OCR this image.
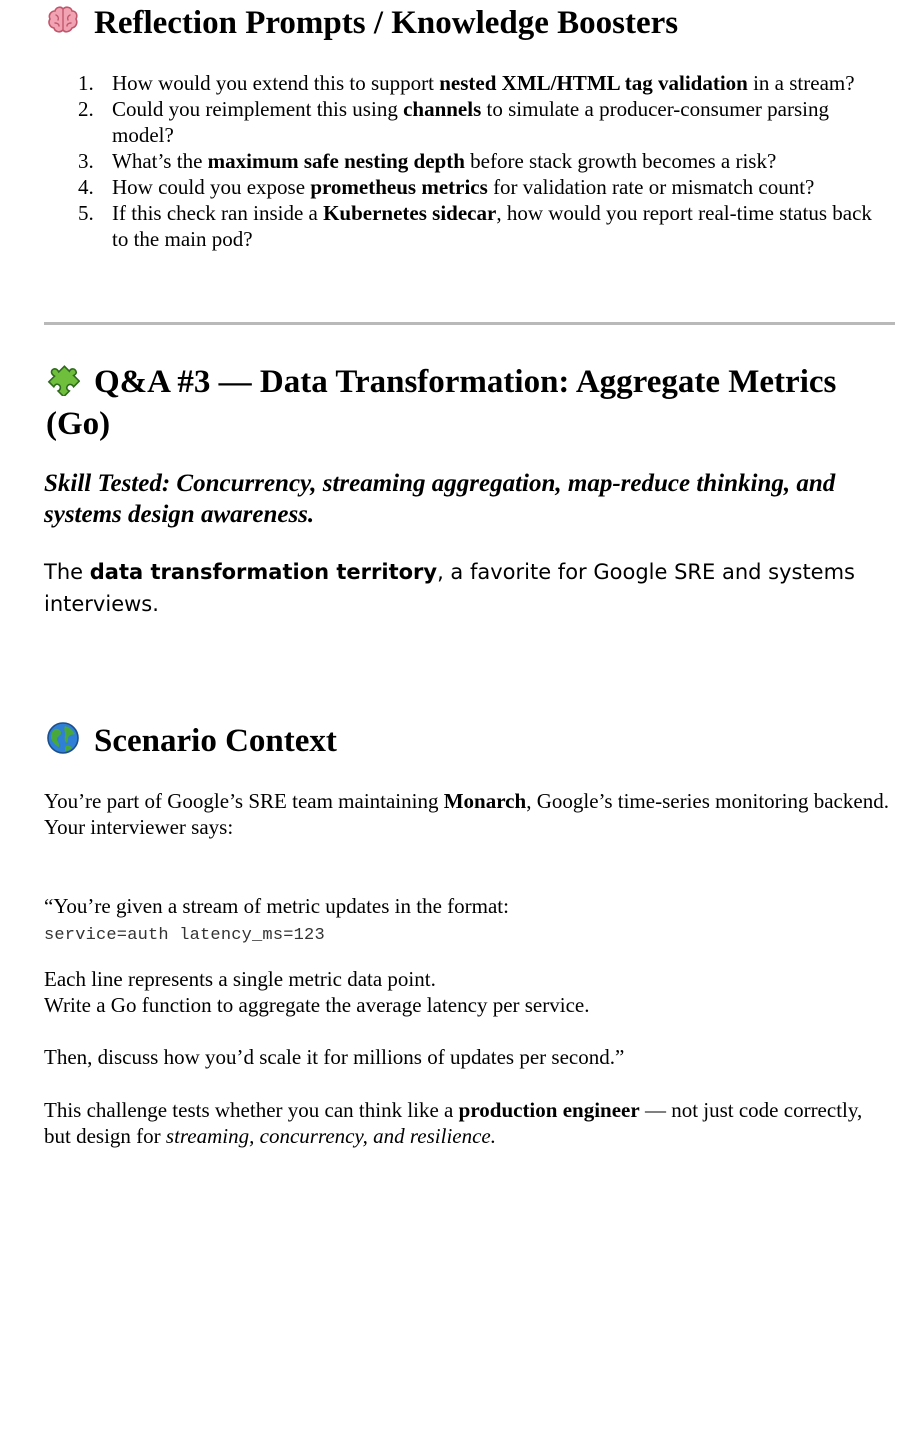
Reflection Prompts / Knowledge Boosters
1. How would you extend this to support nested XML/HTML tag validation in a stream?
2. Could you reimplement this using channels to simulate a producer-consumer parsing model?
3. What’s the maximum safe nesting depth before stack growth becomes a risk?
4. How could you expose prometheus metrics for validation rate or mismatch count?
5. If this check ran inside a Kubernetes sidecar, how would you report real-time status back to the main pod?
Q&A #3 — Data Transformation: Aggregate Metrics (Go)

Skill Tested: Concurrency, streaming aggregation, map-reduce thinking, and systems design awareness.

The data transformation territory, a favorite for Google SRE and systems interviews.

Scenario Context

You’re part of Google’s SRE team maintaining Monarch, Google’s time-series monitoring backend.
Your interviewer says:

“You’re given a stream of metric updates in the format:
service=auth latency_ms=123

Each line represents a single metric data point.
Write a Go function to aggregate the average latency per service.

Then, discuss how you’d scale it for millions of updates per second.”

This challenge tests whether you can think like a production engineer — not just code correctly, but design for streaming, concurrency, and resilience.
